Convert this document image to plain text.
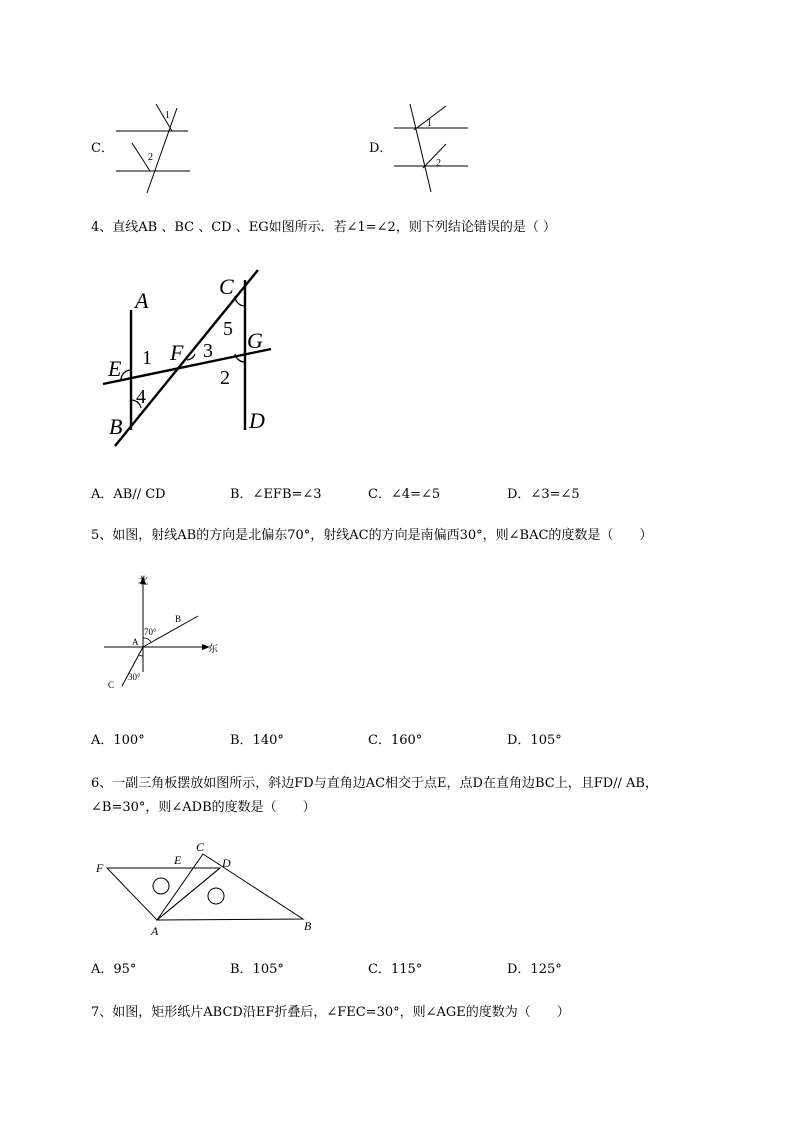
C．
1
2
D．
1
2
4、直线AB 、BC 、CD 、EG如图所示．若∠1=∠2，则下列结论错误的是（ ）
A
B
C
D
E
F	G
1
2
3
4
5
A．AB// CD	B．∠EFB=∠3	C．∠4=∠5	D．∠3=∠5
5、如图，射线AB的方向是北偏东70°，射线AC的方向是南偏西30°，则∠BAC的度数是（　　）
北
东
A
B
C
70°
30°
A．100°	B．140°	C．160°	D．105°
6、一副三角板摆放如图所示，斜边FD与直角边AC相交于点E，点D在直角边BC上，且FD// AB，
∠B=30°，则∠ADB的度数是（　　）
F
E
C
D
A	B
A．95°	B．105°	C．115°	D．125°
7、如图，矩形纸片ABCD沿EF折叠后，∠FEC=30°，则∠AGE的度数为（　　）
